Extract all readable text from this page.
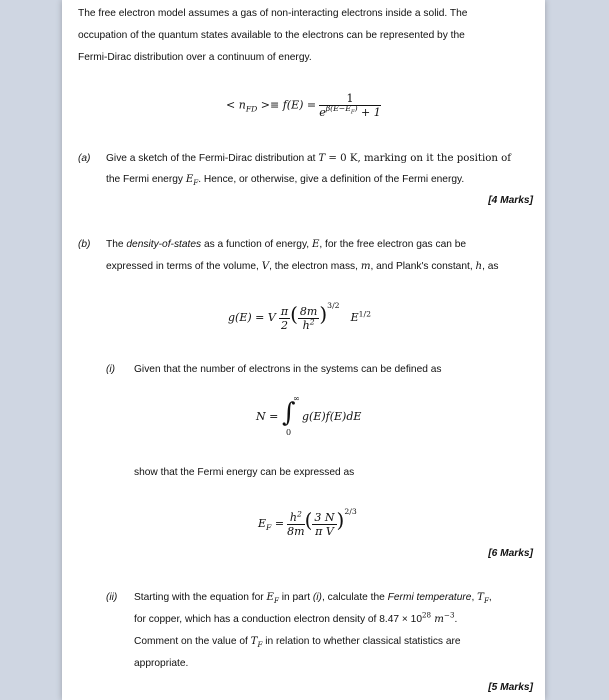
The free electron model assumes a gas of non-interacting electrons inside a solid. The
occupation of the quantum states available to the electrons can be represented by the
Fermi-Dirac distribution over a continuum of energy.
< $n_{FD} >\equiv f(E) = \frac{1}{e^{\beta(E-E_F)} + 1}$
(a) Give a sketch of the Fermi-Dirac distribution at T = 0 K, marking on it the position of
the Fermi energy $E_F$. Hence, or otherwise, give a definition of the Fermi energy.
[4 Marks]
(b) The density-of-states as a function of energy, E, for the free electron gas can be
expressed in terms of the volume, V, the electron mass, m, and Plank's constant, h, as
g(E) = V $\frac{\pi}{2}$ ( $\frac{8m}{h^2} )^{3/2}$ $E^{1/2}$
(i) Given that the number of electrons in the systems can be defined as
N = ∫
∞
0
g(E)f(E)dE
show that the Fermi energy can be expressed as
$E_F = \frac{h^2}{8m}$ ( $\frac{3 N}{\text{π V}} )^{2/3}$
[6 Marks]
(ii) Starting with the equation for $E_F$ in part (i), calculate the Fermi temperature, $T_F$,
for copper, which has a conduction electron density of $8.47 \times 10^{28}$ $m^{-3}$.
Comment on the value of $T_F$ in relation to whether classical statistics are
appropriate.
[5 Marks]
